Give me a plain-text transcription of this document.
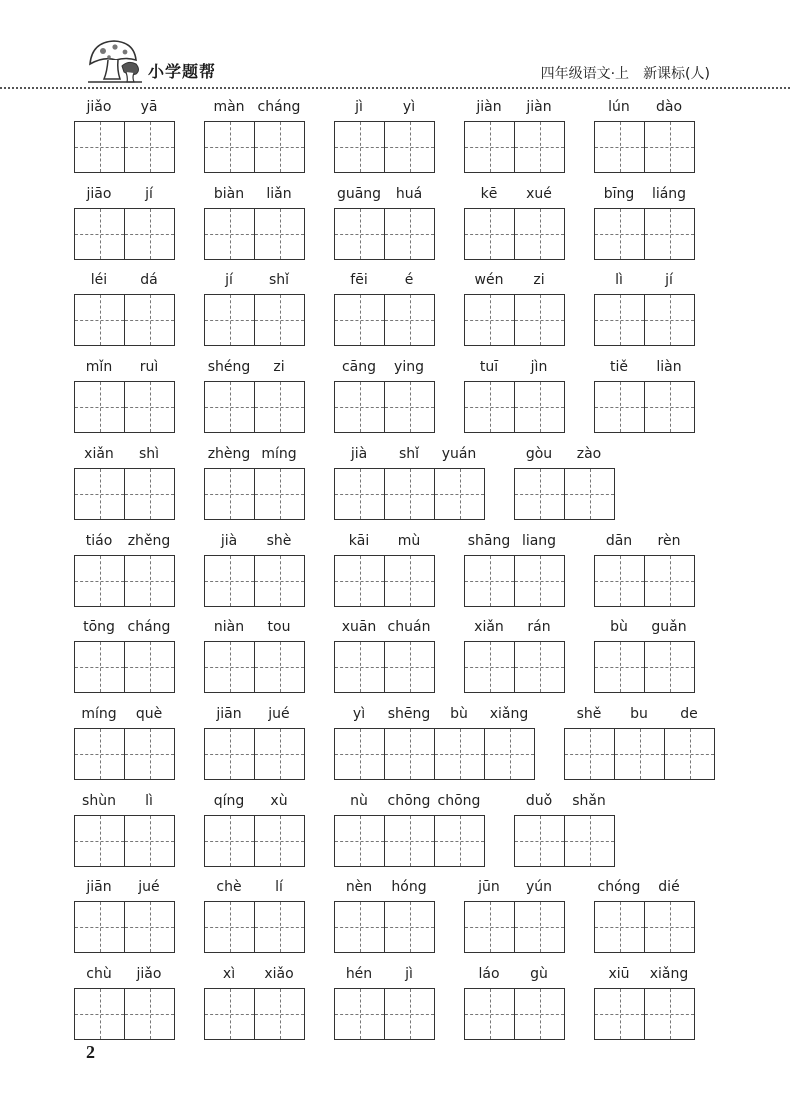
小学题帮	四年级语文·上 新课标(人)
jiǎo	yā	màn cháng	jì	yì	jiàn	jiàn	lún	dào
jiāo	jí	biàn	liǎn	guāng	huá	kē	xué	bīng	liáng
léi	dá	jí	shǐ	fēi	é	wén	zi	lì	jí
mǐn	ruì	shéng	zi	cāng	ying	tuī	jìn	tiě	liàn
xiǎn	shì	zhèng míng	jià	shǐ	yuán	gòu	zào
tiáo	zhěng	jià	shè	kāi	mù	shāng liang	dān	rèn
tōng cháng	niàn	tou	xuān chuán	xiǎn	rán	bù	guǎn
míng	què	jiān	jué	yì	shēng	bù	xiǎng	shě	bu	de
shùn	lì	qíng	xù	nù	chōng chōng	duǒ	shǎn
jiān	jué	chè	lí	nèn	hóng	jūn	yún	chóng	dié
chù	jiǎo	xì	xiǎo	hén	jì	láo	gù	xiū	xiǎng
2
